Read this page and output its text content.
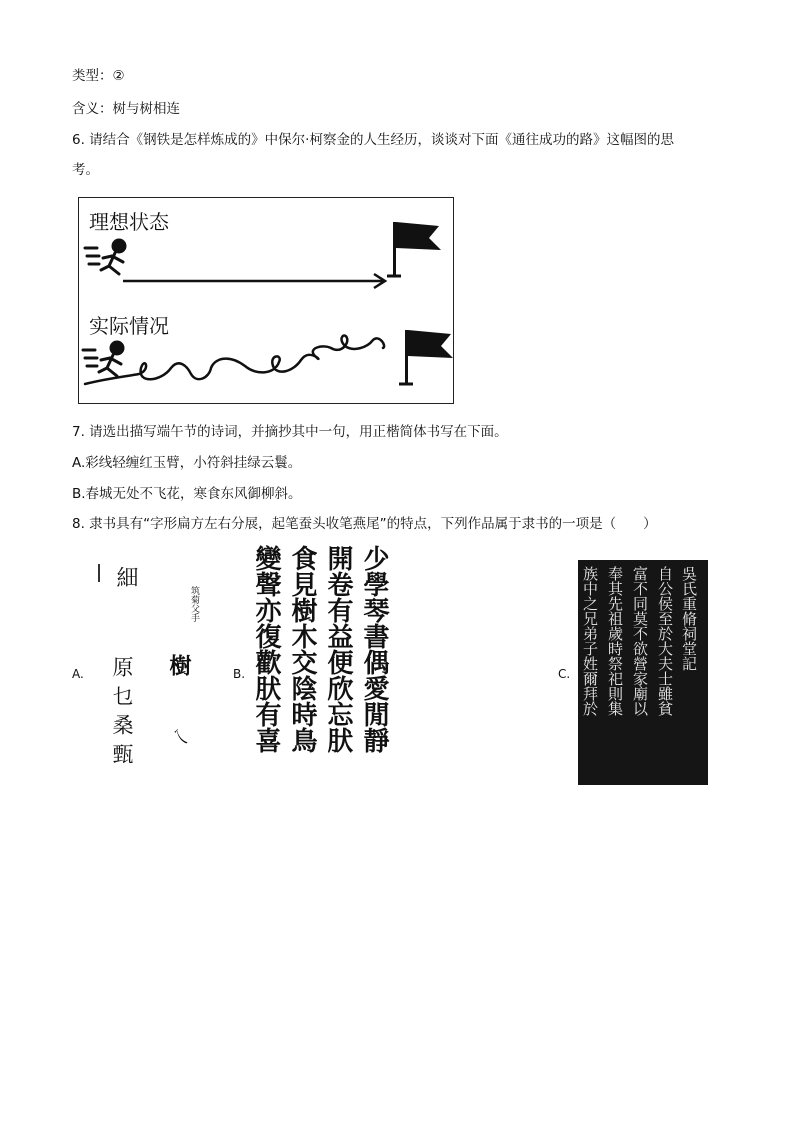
类型：②
含义：树与树相连
6. 请结合《钢铁是怎样炼成的》中保尔·柯察金的人生经历，谈谈对下面《通往成功的路》这幅图的思
考。
理想状态
实际情况
7. 请选出描写端午节的诗词，并摘抄其中一句，用正楷简体书写在下面。
A.彩线轻缠红玉臂，小符斜挂绿云鬟。
B.春城无处不飞花，寒食东风御柳斜。
8. 隶书具有“字形扁方左右分展，起笔蚕头收笔燕尾”的特点，下列作品属于隶书的一项是（　　）
A.
細
原乜桑甄
筑菊父手
樹
乀
B.	少學琴書偶愛閒靜
開卷有益便欣忘肰
食見樹木交陰時鳥
變聲亦復歡肰有喜	C.
吳氏重脩祠堂記
自公侯至於大夫士雖貧
富不同莫不欲營家廟以
奉其先祖歲時祭祀則集
族中之兄弟子姓爾拜於
